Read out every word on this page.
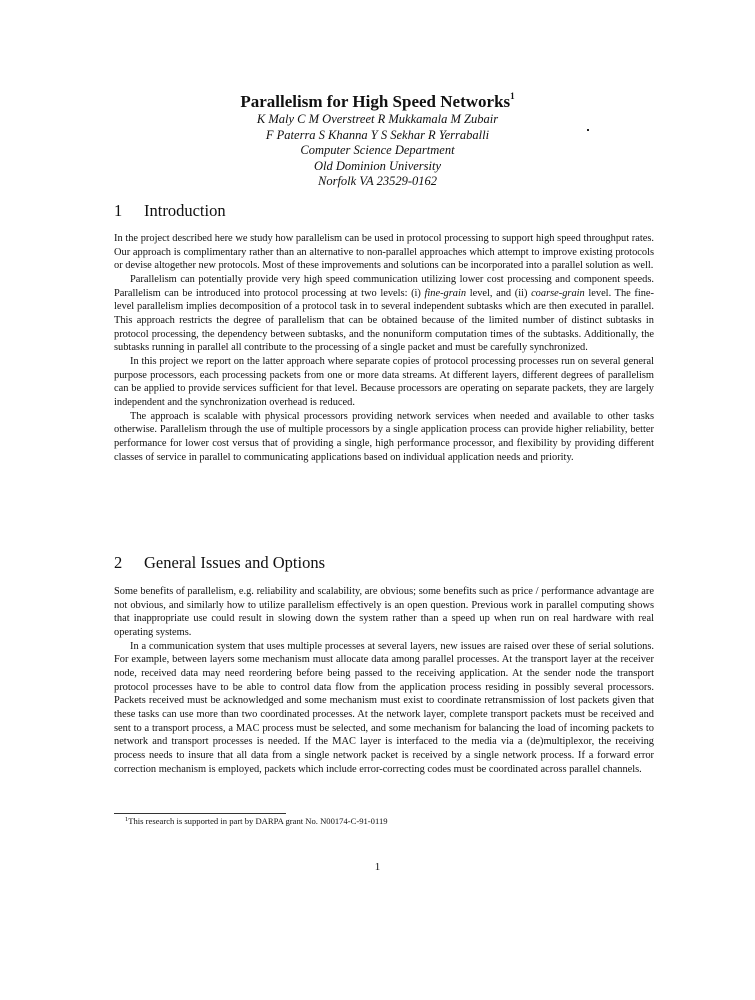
Parallelism for High Speed Networks$^1$
K Maly C M Overstreet R Mukkamala M Zubair
F Paterra S Khanna Y S Sekhar R Yerraballi
Computer Science Department
Old Dominion University
Norfolk VA 23529-0162
1 Introduction

In the project described here we study how parallelism can be used in protocol processing to support high speed throughput rates. Our approach is complimentary rather than an alternative to non-parallel approaches which attempt to improve existing protocols or devise altogether new protocols. Most of these improvements and solutions can be incorporated into a parallel solution as well.

Parallelism can potentially provide very high speed communication utilizing lower cost processing and component speeds. Parallelism can be introduced into protocol processing at two levels: (i) fine-grain level, and (ii) coarse-grain level. The fine-level parallelism implies decomposition of a protocol task in to several independent subtasks which are then executed in parallel. This approach restricts the degree of parallelism that can be obtained because of the limited number of distinct subtasks in protocol processing, the dependency between subtasks, and the nonuniform computation times of the subtasks. Additionally, the subtasks running in parallel all contribute to the processing of a single packet and must be carefully synchronized.

In this project we report on the latter approach where separate copies of protocol processing processes run on several general purpose processors, each processing packets from one or more data streams. At different layers, different degrees of parallelism can be applied to provide services sufficient for that level. Because processors are operating on separate packets, they are largely independent and the synchronization overhead is reduced.

The approach is scalable with physical processors providing network services when needed and available to other tasks otherwise. Parallelism through the use of multiple processors by a single application process can provide higher reliability, better performance for lower cost versus that of providing a single, high performance processor, and flexibility by providing different classes of service in parallel to communicating applications based on individual application needs and priority.

2 General Issues and Options

Some benefits of parallelism, e.g. reliability and scalability, are obvious; some benefits such as price / performance advantage are not obvious, and similarly how to utilize parallelism effectively is an open question. Previous work in parallel computing shows that inappropriate use could result in slowing down the system rather than a speed up when run on real hardware with real operating systems.

In a communication system that uses multiple processes at several layers, new issues are raised over these of serial solutions. For example, between layers some mechanism must allocate data among parallel processes. At the transport layer at the receiver node, received data may need reordering before being passed to the receiving application. At the sender node the transport protocol processes have to be able to control data flow from the application process residing in possibly several processors. Packets received must be acknowledged and some mechanism must exist to coordinate retransmission of lost packets given that these tasks can use more than two coordinated processes. At the network layer, complete transport packets must be received and sent to a transport process, a MAC process must be selected, and some mechanism for balancing the load of incoming packets to network and transport processes is needed. If the MAC layer is interfaced to the media via a (de)multiplexor, the receiving process needs to insure that all data from a single network packet is received by a single network process. If a forward error correction mechanism is employed, packets which include error-correcting codes must be coordinated across parallel channels.

$^1$This research is supported in part by DARPA grant No. N00174-C-91-0119
1
